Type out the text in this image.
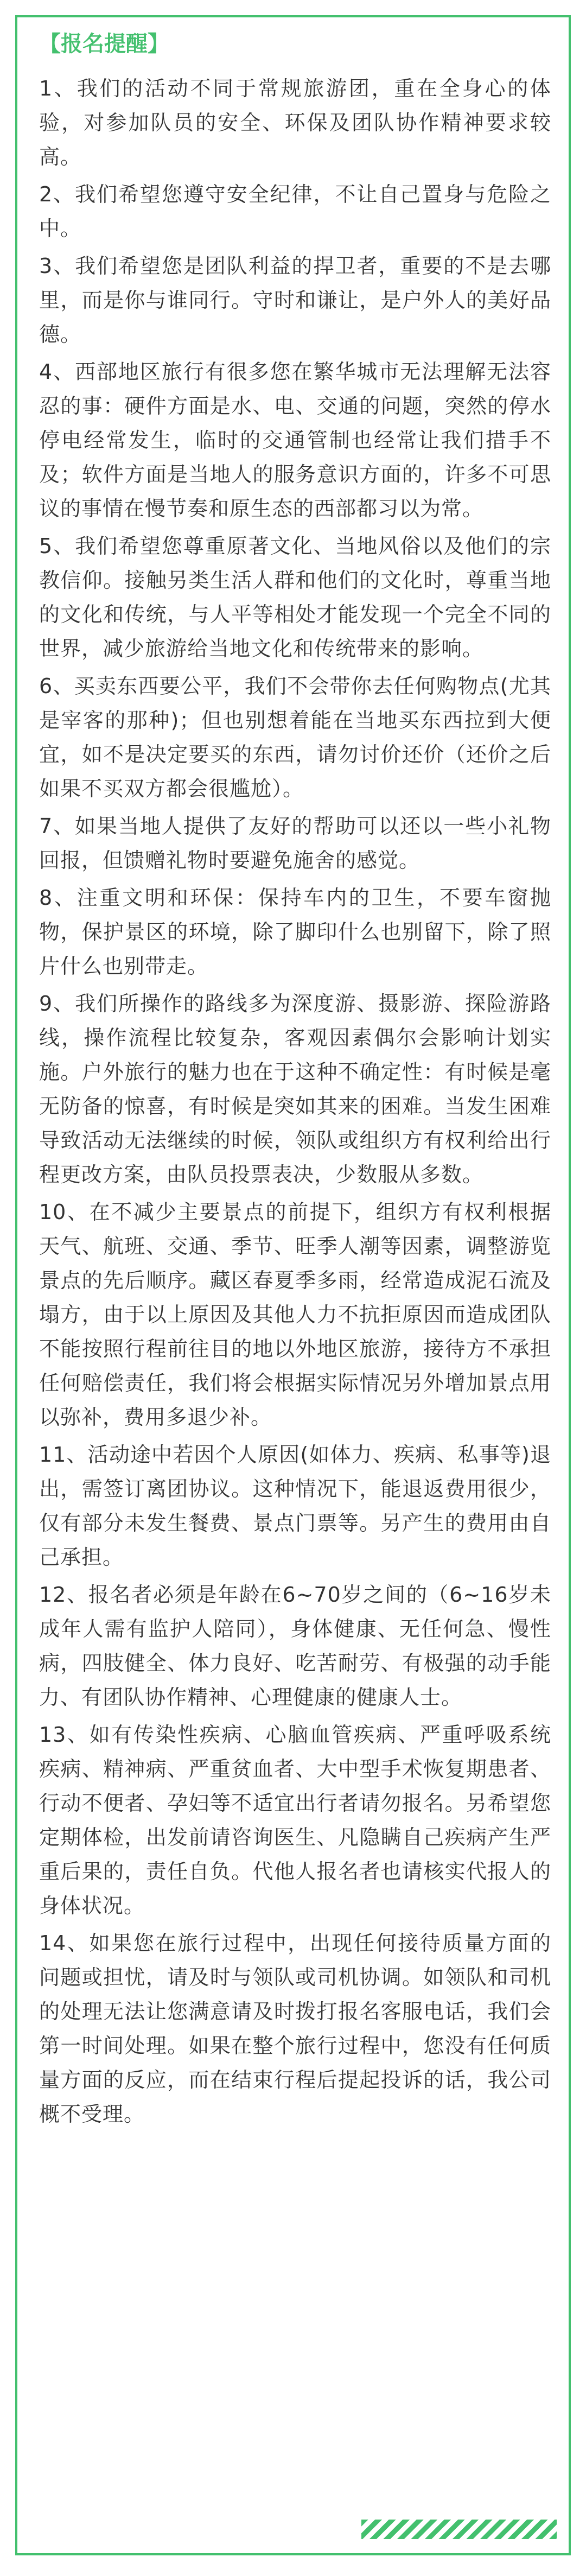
【报名提醒】

1、我们的活动不同于常规旅游团，重在全身心的体验，对参加队员的安全、环保及团队协作精神要求较高。

2、我们希望您遵守安全纪律，不让自己置身与危险之中。

3、我们希望您是团队利益的捍卫者，重要的不是去哪里，而是你与谁同行。守时和谦让，是户外人的美好品德。

4、西部地区旅行有很多您在繁华城市无法理解无法容忍的事：硬件方面是水、电、交通的问题，突然的停水停电经常发生，临时的交通管制也经常让我们措手不及；软件方面是当地人的服务意识方面的，许多不可思议的事情在慢节奏和原生态的西部都习以为常。

5、我们希望您尊重原著文化、当地风俗以及他们的宗教信仰。接触另类生活人群和他们的文化时，尊重当地的文化和传统，与人平等相处才能发现一个完全不同的世界，减少旅游给当地文化和传统带来的影响。

6、买卖东西要公平，我们不会带你去任何购物点(尤其是宰客的那种)；但也别想着能在当地买东西拉到大便宜，如不是决定要买的东西，请勿讨价还价（还价之后如果不买双方都会很尴尬）。

7、如果当地人提供了友好的帮助可以还以一些小礼物回报，但馈赠礼物时要避免施舍的感觉。

8、注重文明和环保：保持车内的卫生，不要车窗抛物，保护景区的环境，除了脚印什么也别留下，除了照片什么也别带走。

9、我们所操作的路线多为深度游、摄影游、探险游路线，操作流程比较复杂，客观因素偶尔会影响计划实施。户外旅行的魅力也在于这种不确定性：有时候是毫无防备的惊喜，有时候是突如其来的困难。当发生困难导致活动无法继续的时候，领队或组织方有权利给出行程更改方案，由队员投票表决，少数服从多数。

10、在不减少主要景点的前提下，组织方有权利根据天气、航班、交通、季节、旺季人潮等因素，调整游览景点的先后顺序。藏区春夏季多雨，经常造成泥石流及塌方，由于以上原因及其他人力不抗拒原因而造成团队不能按照行程前往目的地以外地区旅游，接待方不承担任何赔偿责任，我们将会根据实际情况另外增加景点用以弥补，费用多退少补。

11、活动途中若因个人原因(如体力、疾病、私事等)退出，需签订离团协议。这种情况下，能退返费用很少，仅有部分未发生餐费、景点门票等。另产生的费用由自己承担。

12、报名者必须是年龄在6~70岁之间的（6~16岁未成年人需有监护人陪同），身体健康、无任何急、慢性病，四肢健全、体力良好、吃苦耐劳、有极强的动手能力、有团队协作精神、心理健康的健康人士。

13、如有传染性疾病、心脑血管疾病、严重呼吸系统疾病、精神病、严重贫血者、大中型手术恢复期患者、行动不便者、孕妇等不适宜出行者请勿报名。另希望您定期体检，出发前请咨询医生、凡隐瞒自己疾病产生严重后果的，责任自负。代他人报名者也请核实代报人的身体状况。

14、如果您在旅行过程中，出现任何接待质量方面的问题或担忧，请及时与领队或司机协调。如领队和司机的处理无法让您满意请及时拨打报名客服电话，我们会第一时间处理。如果在整个旅行过程中，您没有任何质量方面的反应，而在结束行程后提起投诉的话，我公司概不受理。
